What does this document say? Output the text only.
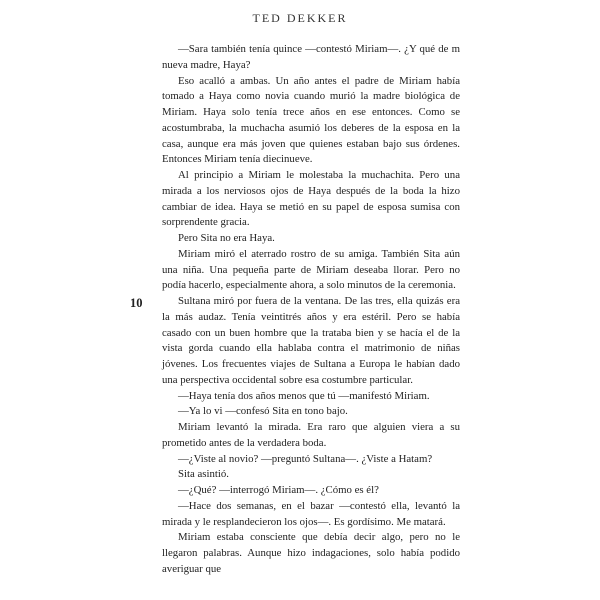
TED DEKKER
10

—Sara también tenía quince —contestó Miriam—. ¿Y qué de m nueva madre, Haya?

Eso acalló a ambas. Un año antes el padre de Miriam había tomado a Haya como novia cuando murió la madre biológica de Miriam. Haya solo tenía trece años en ese entonces. Como se acostumbraba, la muchacha asumió los deberes de la esposa en la casa, aunque era más joven que quienes estaban bajo sus órdenes. Entonces Miriam tenía diecinueve.

Al principio a Miriam le molestaba la muchachita. Pero una mirada a los nerviosos ojos de Haya después de la boda la hizo cambiar de idea. Haya se metió en su papel de esposa sumisa con sorprendente gracia.

Pero Sita no era Haya.

Miriam miró el aterrado rostro de su amiga. También Sita aún una niña. Una pequeña parte de Miriam deseaba llorar. Pero no podía hacerlo, especialmente ahora, a solo minutos de la ceremonia.

Sultana miró por fuera de la ventana. De las tres, ella quizás era la más audaz. Tenía veintitrés años y era estéril. Pero se había casado con un buen hombre que la trataba bien y se hacía el de la vista gorda cuando ella hablaba contra el matrimonio de niñas jóvenes. Los frecuentes viajes de Sultana a Europa le habían dado una perspectiva occidental sobre esa costumbre particular.

—Haya tenía dos años menos que tú —manifestó Miriam.

—Ya lo vi —confesó Sita en tono bajo.

Miriam levantó la mirada. Era raro que alguien viera a su prometido antes de la verdadera boda.

—¿Viste al novio? —preguntó Sultana—. ¿Viste a Hatam?

Sita asintió.

—¿Qué? —interrogó Miriam—. ¿Cómo es él?

—Hace dos semanas, en el bazar —contestó ella, levantó la mirada y le resplandecieron los ojos—. Es gordísimo. Me matará.

Miriam estaba consciente que debía decir algo, pero no le llegaron palabras. Aunque hizo indagaciones, solo había podido averiguar que
